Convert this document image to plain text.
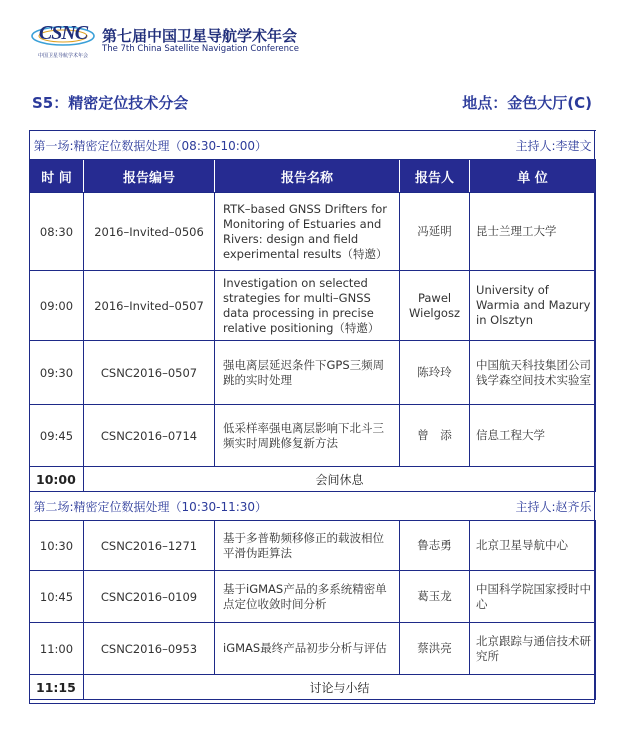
CSNC
中国卫星导航学术年会
第七届中国卫星导航学术年会
The 7th China Satellite Navigation Conference
S5：精密定位技术分会	地点：金色大厅(C)
第一场:精密定位数据处理（08:30-10:00）			主持人:李建文	
时 间	报告编号	报告名称	报告人	单 位
08:30	2016–Invited–0506	RTK–based GNSS Drifters for Monitoring of Estuaries and Rivers: design and field experimental results（特邀）	冯延明	昆士兰理工大学
09:00	2016–Invited–0507	Investigation on selected strategies for multi–GNSS data processing in precise relative positioning（特邀）	Pawel Wielgosz	University of Warmia and Mazury in Olsztyn
09:30	CSNC2016–0507	强电离层延迟条件下GPS三频周跳的实时处理	陈玲玲	中国航天科技集团公司钱学森空间技术实验室
09:45	CSNC2016–0714	低采样率强电离层影响下北斗三频实时周跳修复新方法	曾　添	信息工程大学
10:00	会间休息			
第二场:精密定位数据处理（10:30-11:30）			主持人:赵齐乐	
10:30	CSNC2016–1271	基于多普勒频移修正的载波相位平滑伪距算法	鲁志勇	北京卫星导航中心
10:45	CSNC2016–0109	基于iGMAS产品的多系统精密单点定位收敛时间分析	葛玉龙	中国科学院国家授时中心
11:00	CSNC2016–0953	iGMAS最终产品初步分析与评估	蔡洪亮	北京跟踪与通信技术研究所
11:15	讨论与小结			
